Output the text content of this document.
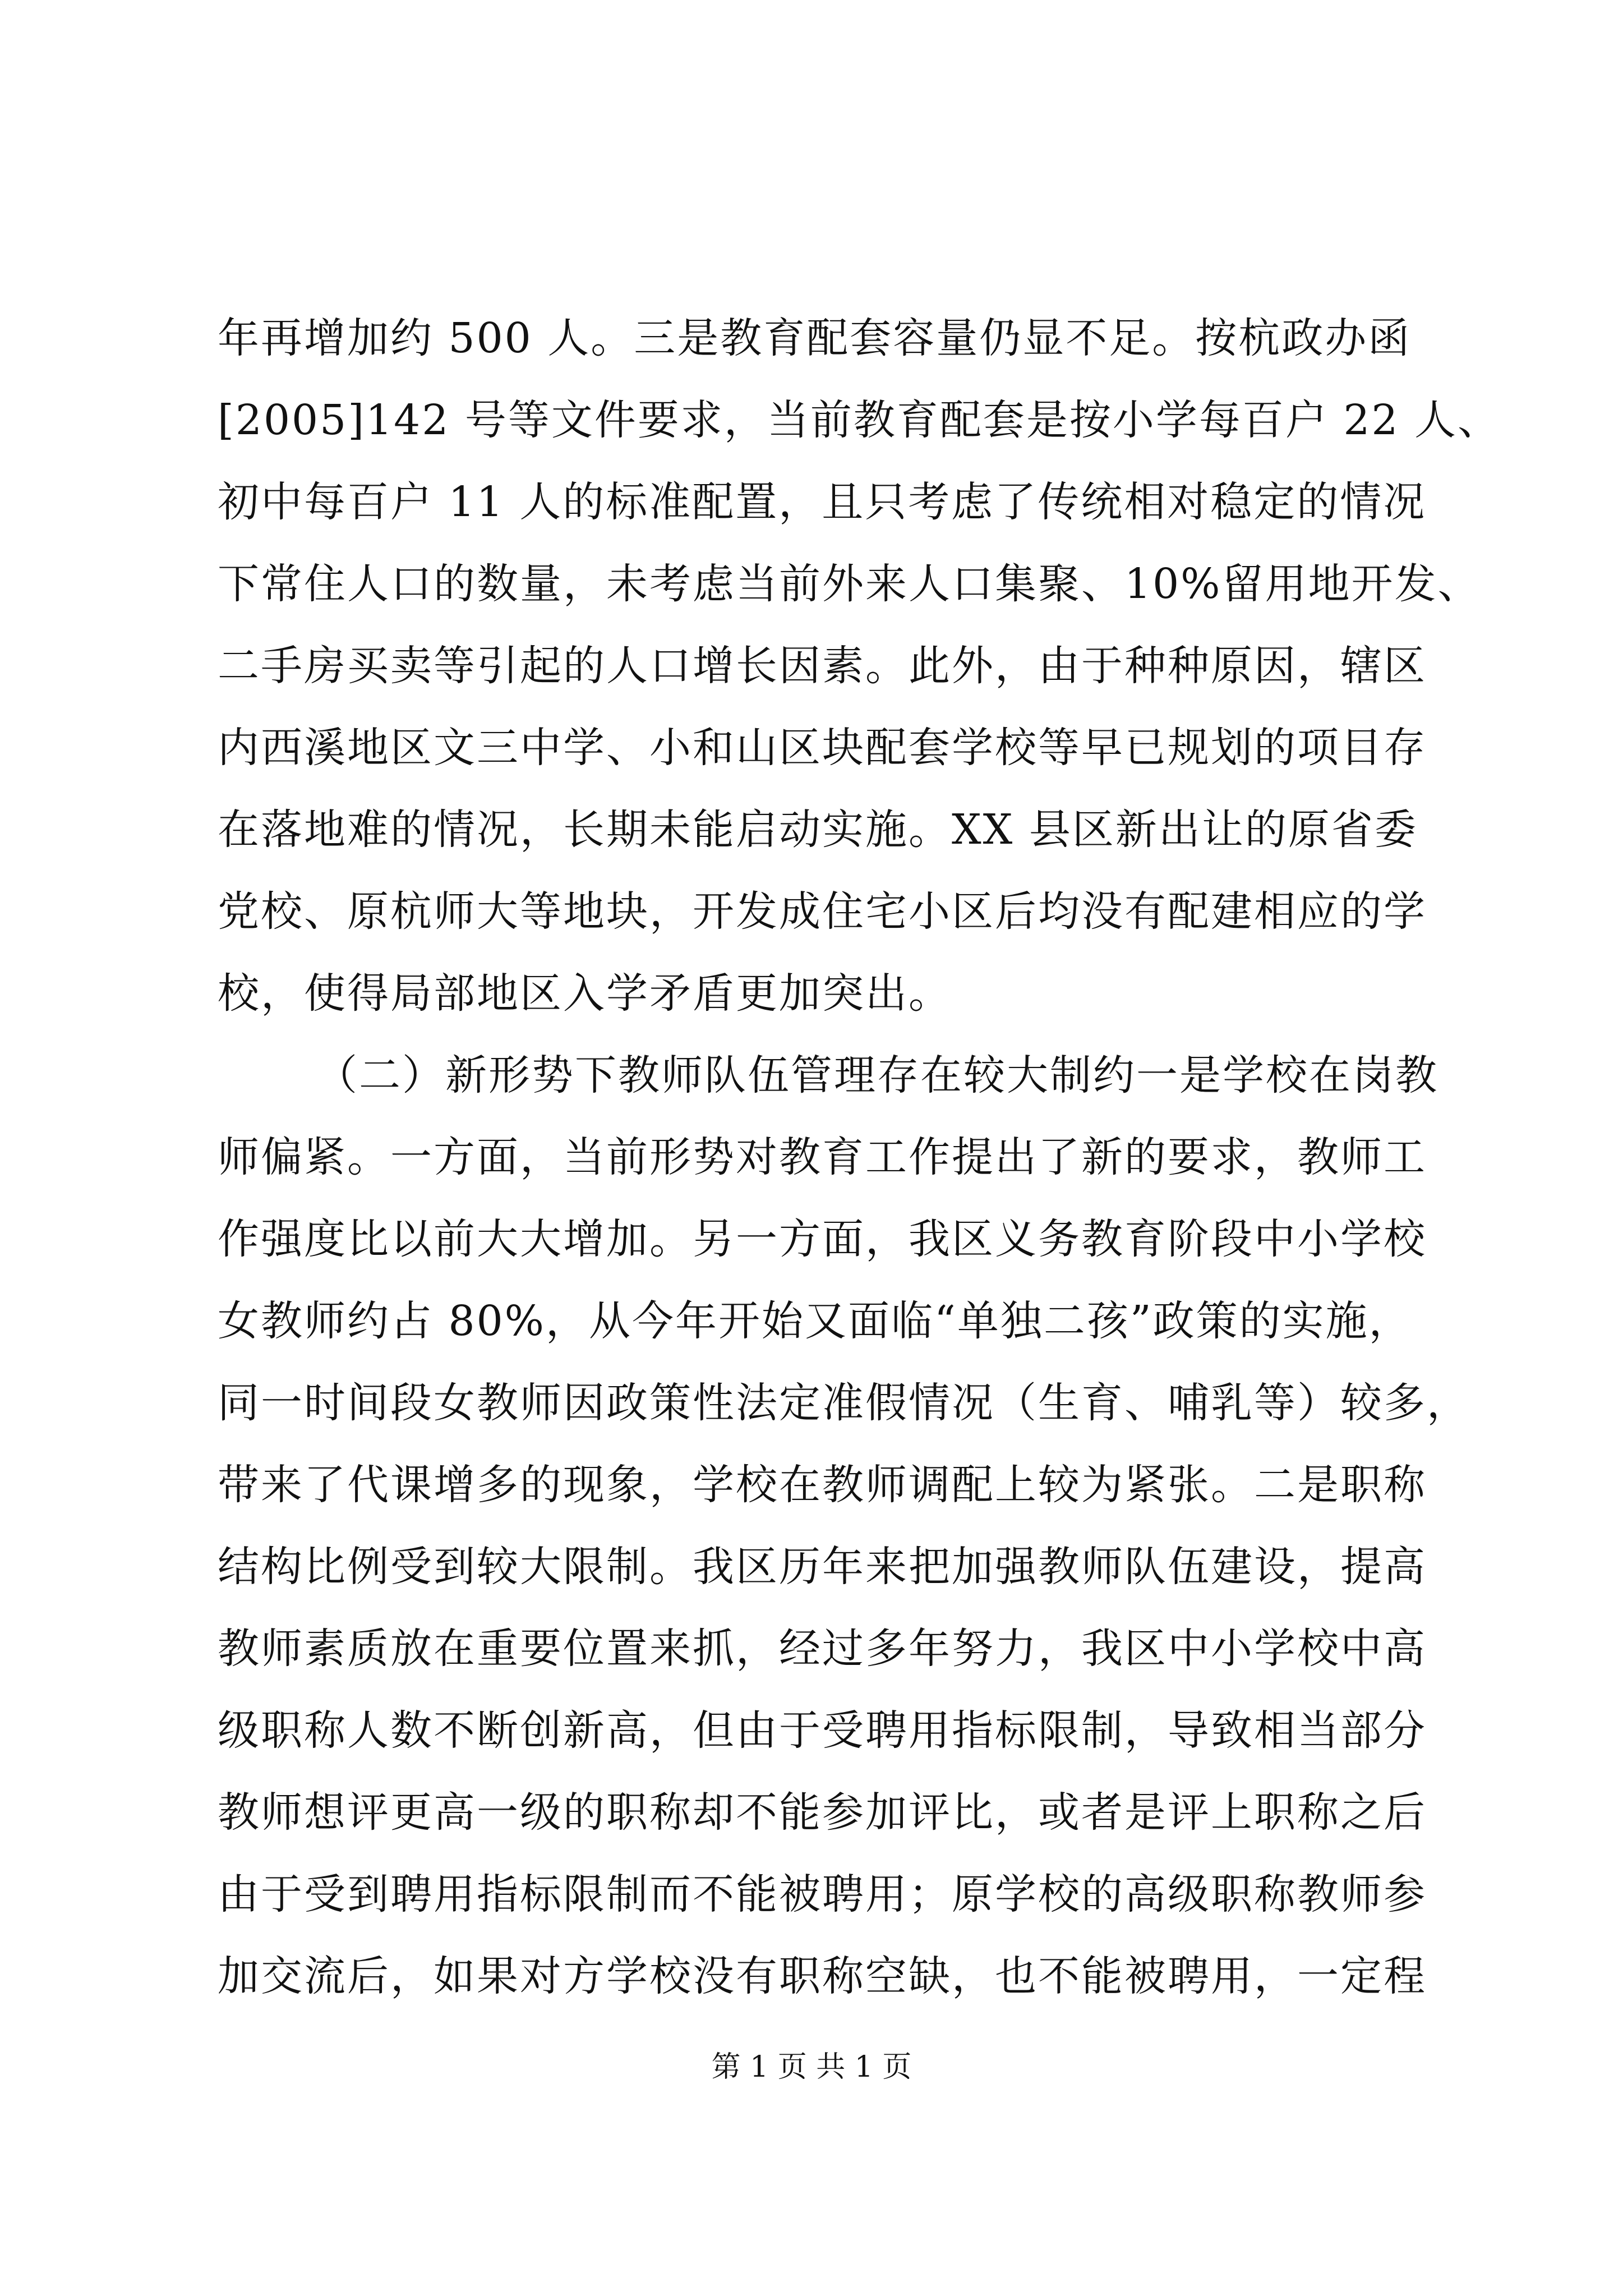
年再增加约 500 人。三是教育配套容量仍显不足。按杭政办函
[2005]142 号等文件要求，当前教育配套是按小学每百户 22 人、
初中每百户 11 人的标准配置，且只考虑了传统相对稳定的情况
下常住人口的数量，未考虑当前外来人口集聚、10%留用地开发、
二手房买卖等引起的人口增长因素。此外，由于种种原因，辖区
内西溪地区文三中学、小和山区块配套学校等早已规划的项目存
在落地难的情况，长期未能启动实施。XX 县区新出让的原省委
党校、原杭师大等地块，开发成住宅小区后均没有配建相应的学
校，使得局部地区入学矛盾更加突出。
（二）新形势下教师队伍管理存在较大制约一是学校在岗教
师偏紧。一方面，当前形势对教育工作提出了新的要求，教师工
作强度比以前大大增加。另一方面，我区义务教育阶段中小学校
女教师约占 80%，从今年开始又面临“单独二孩”政策的实施，
同一时间段女教师因政策性法定准假情况（生育、哺乳等）较多，
带来了代课增多的现象，学校在教师调配上较为紧张。二是职称
结构比例受到较大限制。我区历年来把加强教师队伍建设，提高
教师素质放在重要位置来抓，经过多年努力，我区中小学校中高
级职称人数不断创新高，但由于受聘用指标限制，导致相当部分
教师想评更高一级的职称却不能参加评比，或者是评上职称之后
由于受到聘用指标限制而不能被聘用；原学校的高级职称教师参
加交流后，如果对方学校没有职称空缺，也不能被聘用，一定程
第 1 页 共 1 页
